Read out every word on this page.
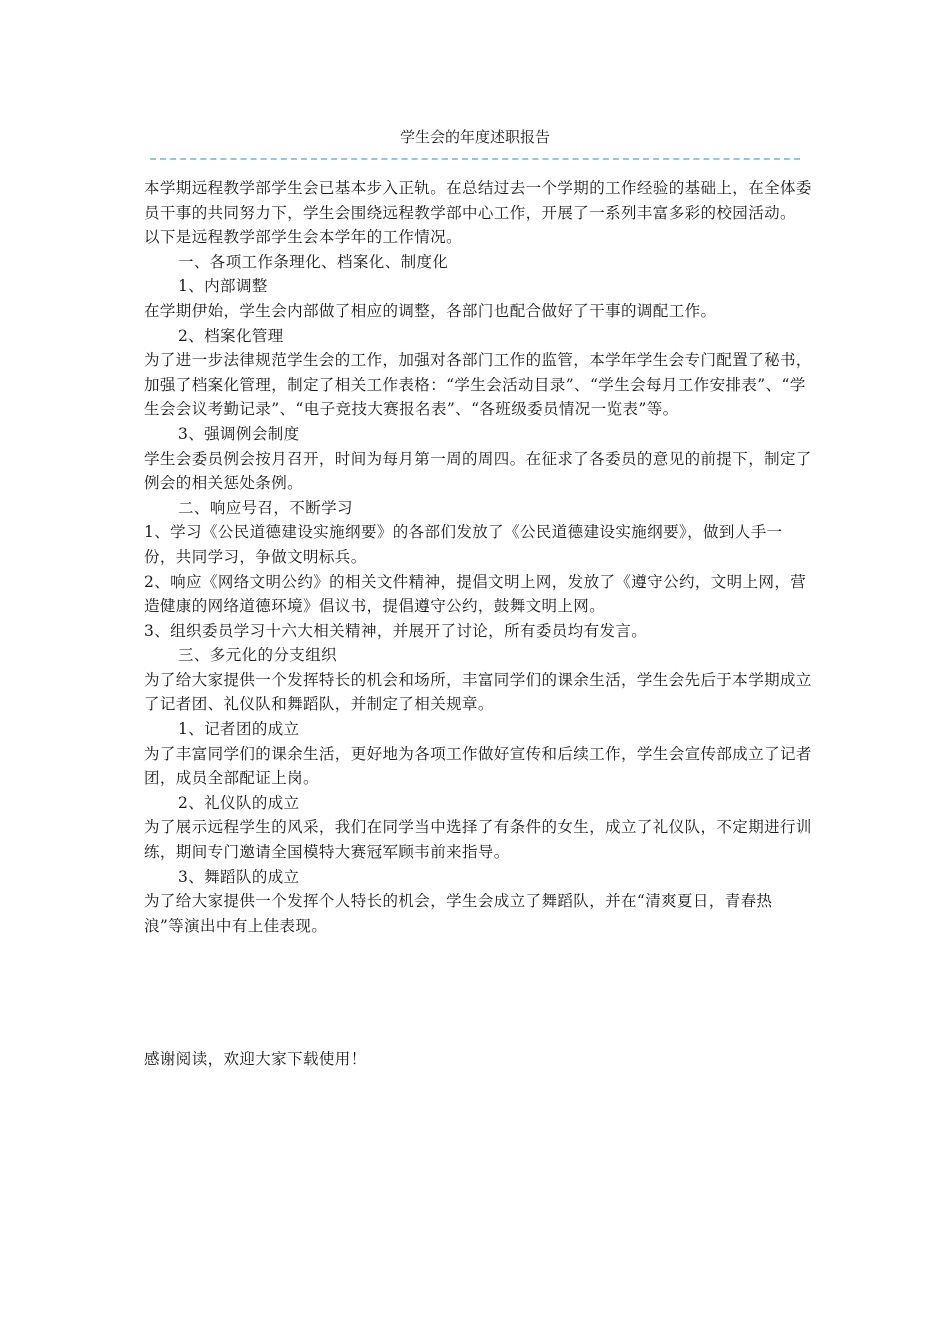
学生会的年度述职报告

本学期远程教学部学生会已基本步入正轨。在总结过去一个学期的工作经验的基础上，在全体委员干事的共同努力下，学生会围绕远程教学部中心工作，开展了一系列丰富多彩的校园活动。

以下是远程教学部学生会本学年的工作情况。

一、各项工作条理化、档案化、制度化

1、内部调整

在学期伊始，学生会内部做了相应的调整，各部门也配合做好了干事的调配工作。

2、档案化管理

为了进一步法律规范学生会的工作，加强对各部门工作的监管，本学年学生会专门配置了秘书，加强了档案化管理，制定了相关工作表格：“学生会活动目录”、“学生会每月工作安排表”、“学生会会议考勤记录”、“电子竞技大赛报名表”、“各班级委员情况一览表”等。

3、强调例会制度

学生会委员例会按月召开，时间为每月第一周的周四。在征求了各委员的意见的前提下，制定了例会的相关惩处条例。

二、响应号召，不断学习

1、学习《公民道德建设实施纲要》的各部们发放了《公民道德建设实施纲要》，做到人手一份，共同学习，争做文明标兵。

2、响应《网络文明公约》的相关文件精神，提倡文明上网，发放了《遵守公约，文明上网，营造健康的网络道德环境》倡议书，提倡遵守公约，鼓舞文明上网。

3、组织委员学习十六大相关精神，并展开了讨论，所有委员均有发言。

三、多元化的分支组织

为了给大家提供一个发挥特长的机会和场所，丰富同学们的课余生活，学生会先后于本学期成立了记者团、礼仪队和舞蹈队，并制定了相关规章。

1、记者团的成立

为了丰富同学们的课余生活，更好地为各项工作做好宣传和后续工作，学生会宣传部成立了记者团，成员全部配证上岗。

2、礼仪队的成立

为了展示远程学生的风采，我们在同学当中选择了有条件的女生，成立了礼仪队，不定期进行训练，期间专门邀请全国模特大赛冠军顾韦前来指导。

3、舞蹈队的成立

为了给大家提供一个发挥个人特长的机会，学生会成立了舞蹈队，并在“清爽夏日，青春热浪”等演出中有上佳表现。

感谢阅读，欢迎大家下载使用！
